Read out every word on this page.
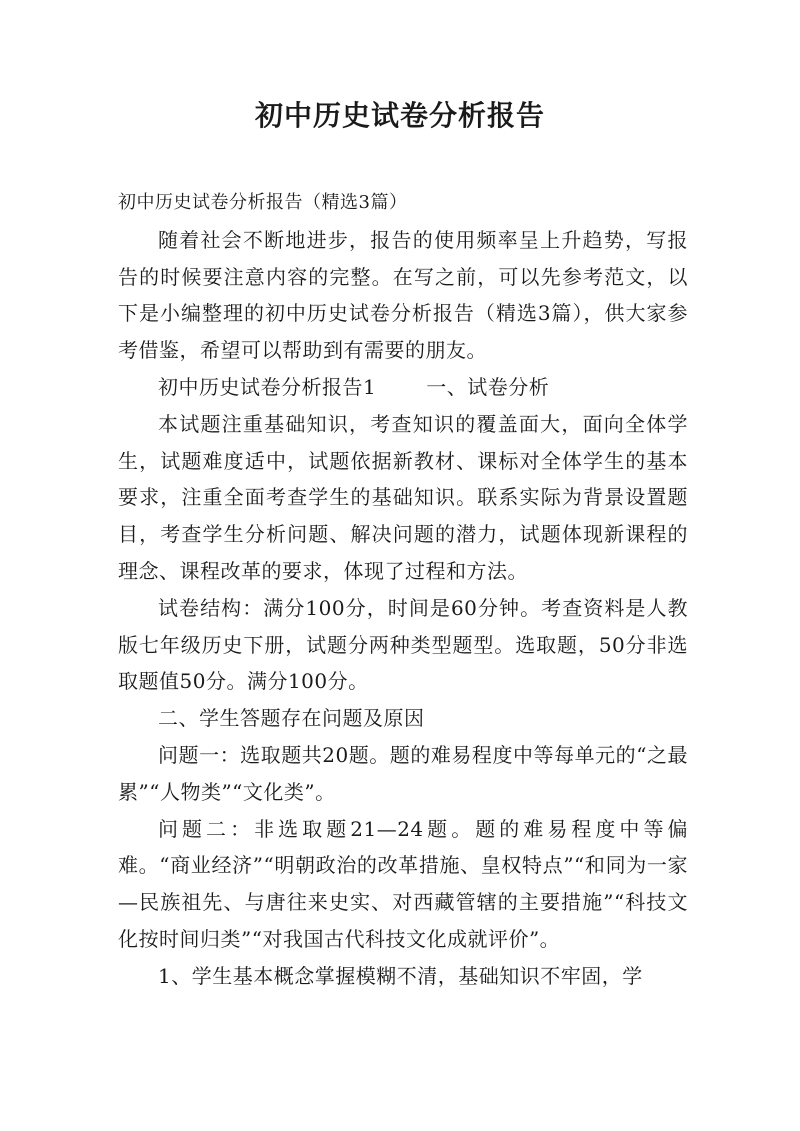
初中历史试卷分析报告

初中历史试卷分析报告（精选3篇）

随着社会不断地进步，报告的使用频率呈上升趋势，写报告的时候要注意内容的完整。在写之前，可以先参考范文，以下是小编整理的初中历史试卷分析报告（精选3篇），供大家参考借鉴，希望可以帮助到有需要的朋友。

初中历史试卷分析报告1	一、试卷分析

本试题注重基础知识，考查知识的覆盖面大，面向全体学生，试题难度适中，试题依据新教材、课标对全体学生的基本要求，注重全面考查学生的基础知识。联系实际为背景设置题目，考查学生分析问题、解决问题的潜力，试题体现新课程的理念、课程改革的要求，体现了过程和方法。

试卷结构：满分100分，时间是60分钟。考查资料是人教版七年级历史下册，试题分两种类型题型。选取题，50分非选取题值50分。满分100分。

二、学生答题存在问题及原因

问题一：选取题共20题。题的难易程度中等每单元的“之最累”“人物类”“文化类”。

问题二：非选取题21—24题。题的难易程度中等偏难。“商业经济”“明朝政治的改革措施、皇权特点”“和同为一家—民族祖先、与唐往来史实、对西藏管辖的主要措施”“科技文化按时间归类”“对我国古代科技文化成就评价”。

1、学生基本概念掌握模糊不清，基础知识不牢固，学
